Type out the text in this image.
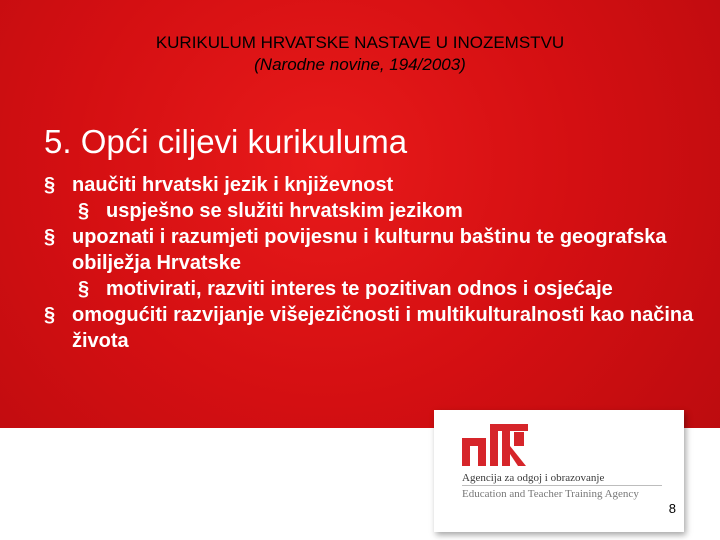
KURIKULUM HRVATSKE NASTAVE U INOZEMSTVU
(Narodne novine, 194/2003)
5. Opći ciljevi kurikuluma
§ naučiti hrvatski jezik i književnost
§ uspješno se služiti hrvatskim jezikom
§ upoznati i razumjeti povijesnu i kulturnu baštinu te geografska obilježja Hrvatske
§ motivirati, razviti interes te pozitivan odnos i osjećaje
§ omogućiti razvijanje višejezičnosti i multikulturalnosti kao načina života
Agencija za odgoj i obrazovanje
Education and Teacher Training Agency
8
